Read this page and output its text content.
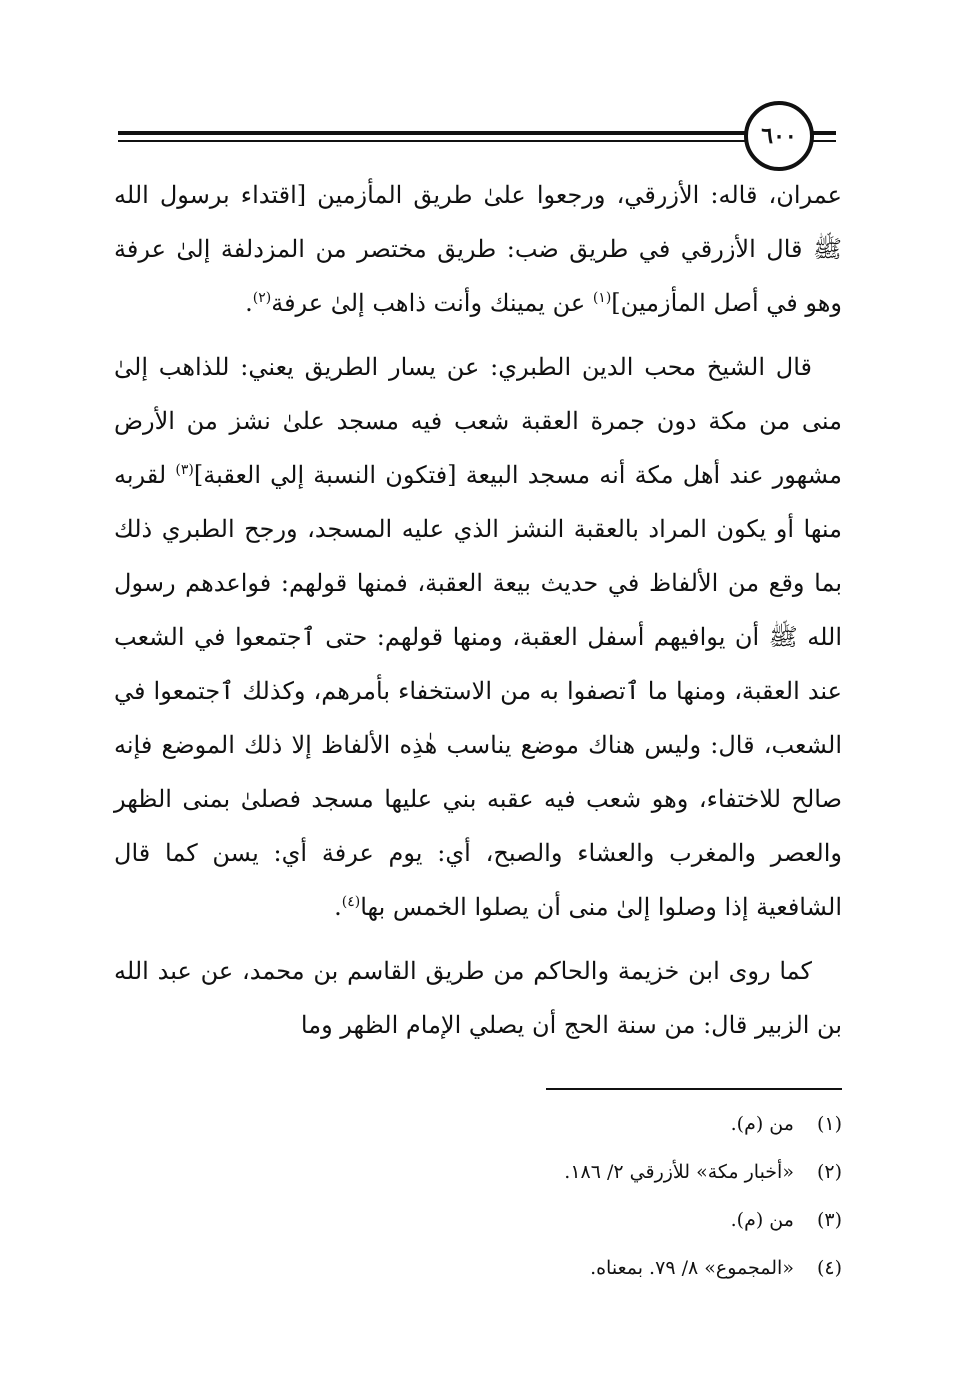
٦٠٠

عمران، قاله: الأزرقي، ورجعوا علىٰ طريق المأزمين [اقتداء برسول الله ﷺ قال الأزرقي في طريق ضب: طريق مختصر من المزدلفة إلىٰ عرفة وهو في أصل المأزمين]$^{(١)}$ عن يمينك وأنت ذاهب إلىٰ عرفة$^{(٢)}$.

قال الشيخ محب الدين الطبري: عن يسار الطريق يعني: للذاهب إلىٰ منى من مكة دون جمرة العقبة شعب فيه مسجد علىٰ نشز من الأرض مشهور عند أهل مكة أنه مسجد البيعة [فتكون النسبة إلي العقبة]$^{(٣)}$ لقربه منها أو يكون المراد بالعقبة النشز الذي عليه المسجد، ورجح الطبري ذلك بما وقع من الألفاظ في حديث بيعة العقبة، فمنها قولهم: فواعدهم رسول الله ﷺ أن يوافيهم أسفل العقبة، ومنها قولهم: حتى ٱجتمعوا في الشعب عند العقبة، ومنها ما ٱتصفوا به من الاستخفاء بأمرهم، وكذلك ٱجتمعوا في الشعب، قال: وليس هناك موضع يناسب هٰذِه الألفاظ إلا ذلك الموضع فإنه صالح للاختفاء، وهو شعب فيه عقبه بني عليها مسجد فصلىٰ بمنى الظهر والعصر والمغرب والعشاء والصبح، أي: يوم عرفة أي: يسن كما قال الشافعية إذا وصلوا إلىٰ منى أن يصلوا الخمس بها$^{(٤)}$.

كما روى ابن خزيمة والحاكم من طريق القاسم بن محمد، عن عبد الله بن الزبير قال: من سنة الحج أن يصلي الإمام الظهر وما

(١) من (م).
(٢) «أخبار مكة» للأزرقي ٢/ ١٨٦.
(٣) من (م).
(٤) «المجموع» ٨/ ٧٩. بمعناه.
